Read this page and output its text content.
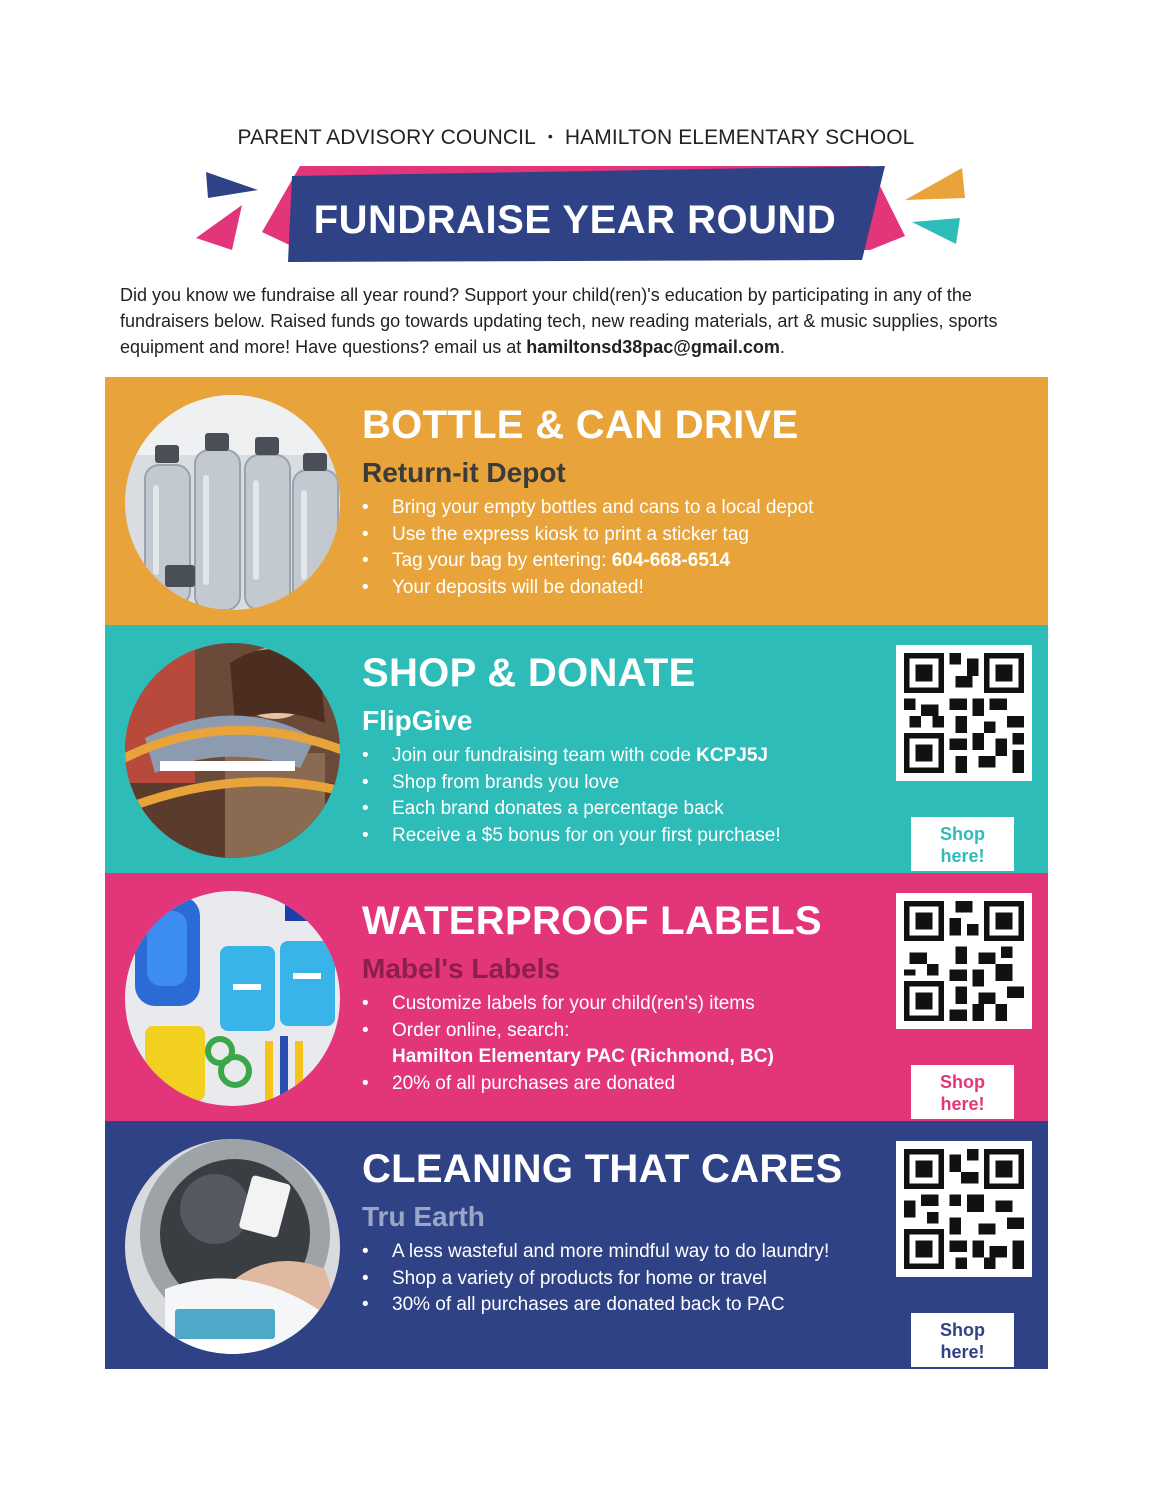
PARENT ADVISORY COUNCIL • HAMILTON ELEMENTARY SCHOOL
FUNDRAISE YEAR ROUND
Did you know we fundraise all year round? Support your child(ren)'s education by participating in any of the fundraisers below. Raised funds go towards updating tech, new reading materials, art & music supplies, sports equipment and more! Have questions? email us at hamiltonsd38pac@gmail.com.
BOTTLE & CAN DRIVE
Return-it Depot
• Bring your empty bottles and cans to a local depot
• Use the express kiosk to print a sticker tag
• Tag your bag by entering: 604-668-6514
• Your deposits will be donated!
SHOP & DONATE
FlipGive
• Join our fundraising team with code KCPJ5J
• Shop from brands you love
• Each brand donates a percentage back
• Receive a $5 bonus for on your first purchase!	Shop
here!
WATERPROOF LABELS
Mabel's Labels
• Customize labels for your child(ren's) items
• Order online, search:
Hamilton Elementary PAC (Richmond, BC)
• 20% of all purchases are donated	Shop
here!
CLEANING THAT CARES
Tru Earth
• A less wasteful and more mindful way to do laundry!
• Shop a variety of products for home or travel
• 30% of all purchases are donated back to PAC
Shop
here!
